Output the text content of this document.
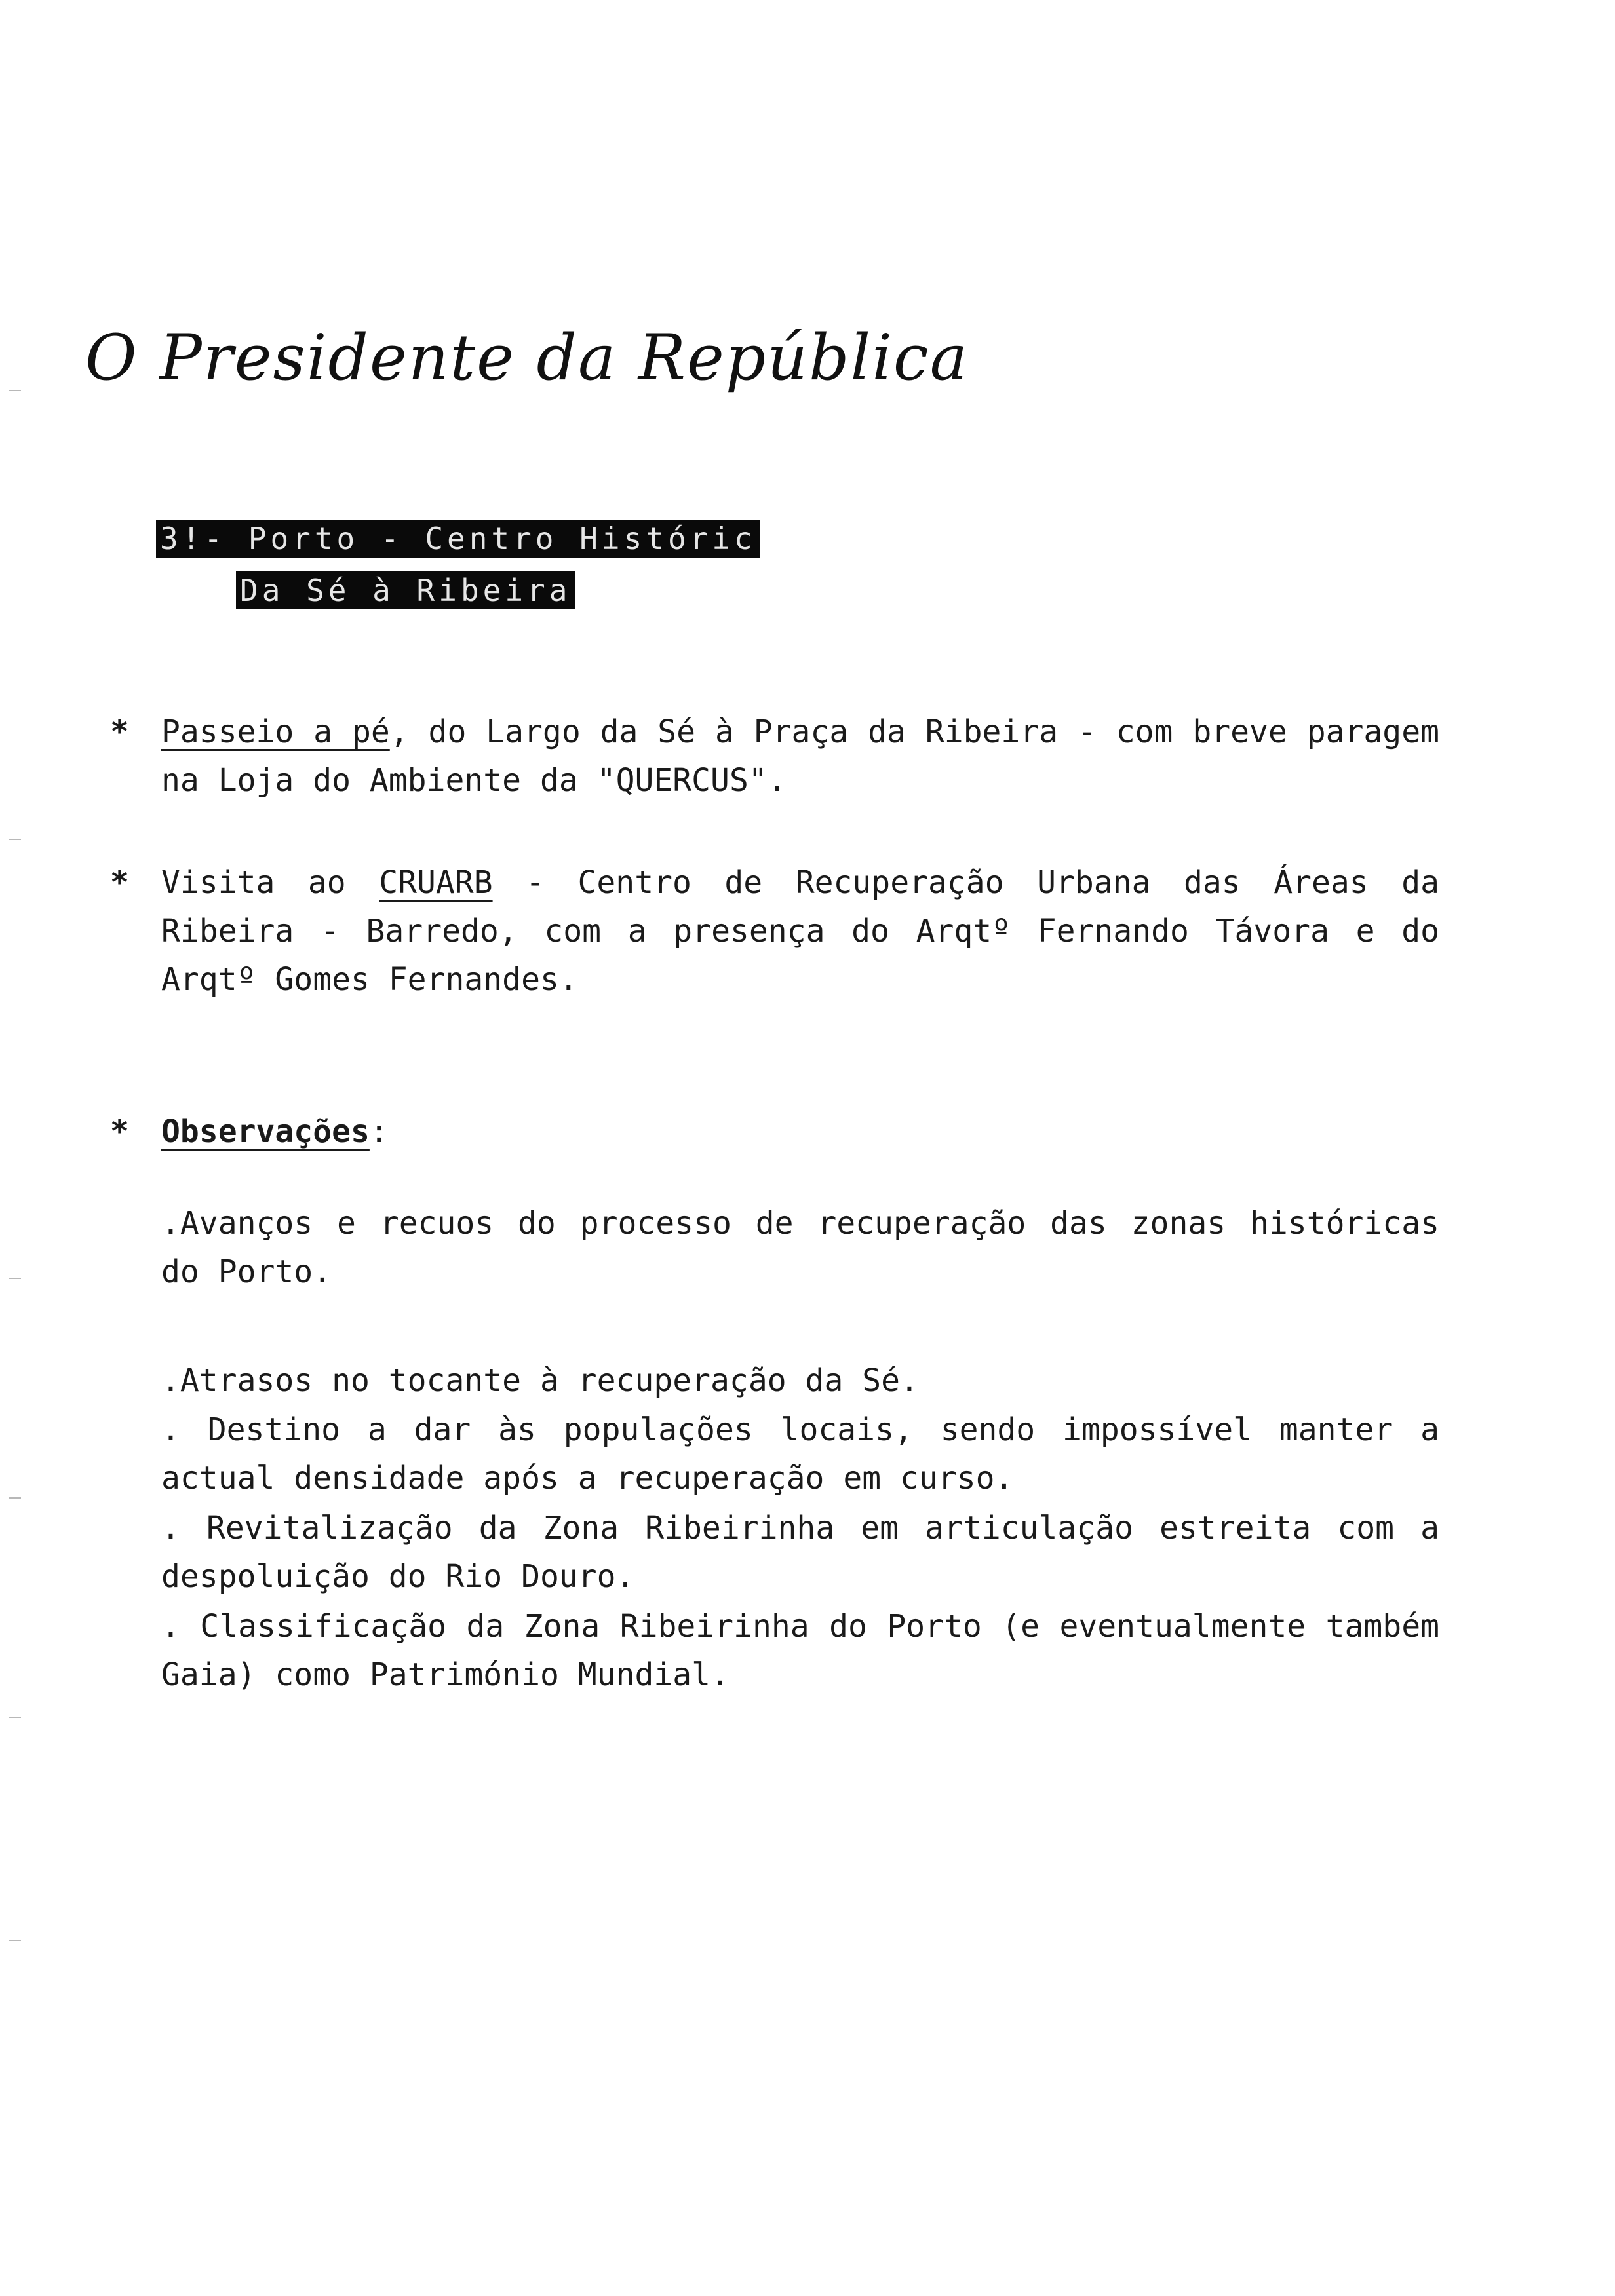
O Presidente da República
3!- Porto - Centro Históric
Da Sé à Ribeira
* Passeio a pé, do Largo da Sé à Praça da Ribeira - com breve paragem na Loja do Ambiente da "QUERCUS".
* Visita ao CRUARB - Centro de Recuperação Urbana das Áreas da Ribeira - Barredo, com a presença do Arqtº Fernando Távora e do Arqtº Gomes Fernandes.
* Observações:
.Avanços e recuos do processo de recuperação das zonas históricas do Porto.
.Atrasos no tocante à recuperação da Sé.
. Destino a dar às populações locais, sendo impossível manter a actual densidade após a recuperação em curso.
. Revitalização da Zona Ribeirinha em articulação estreita com a despoluição do Rio Douro.
. Classificação da Zona Ribeirinha do Porto (e eventualmente também Gaia) como Património Mundial.
